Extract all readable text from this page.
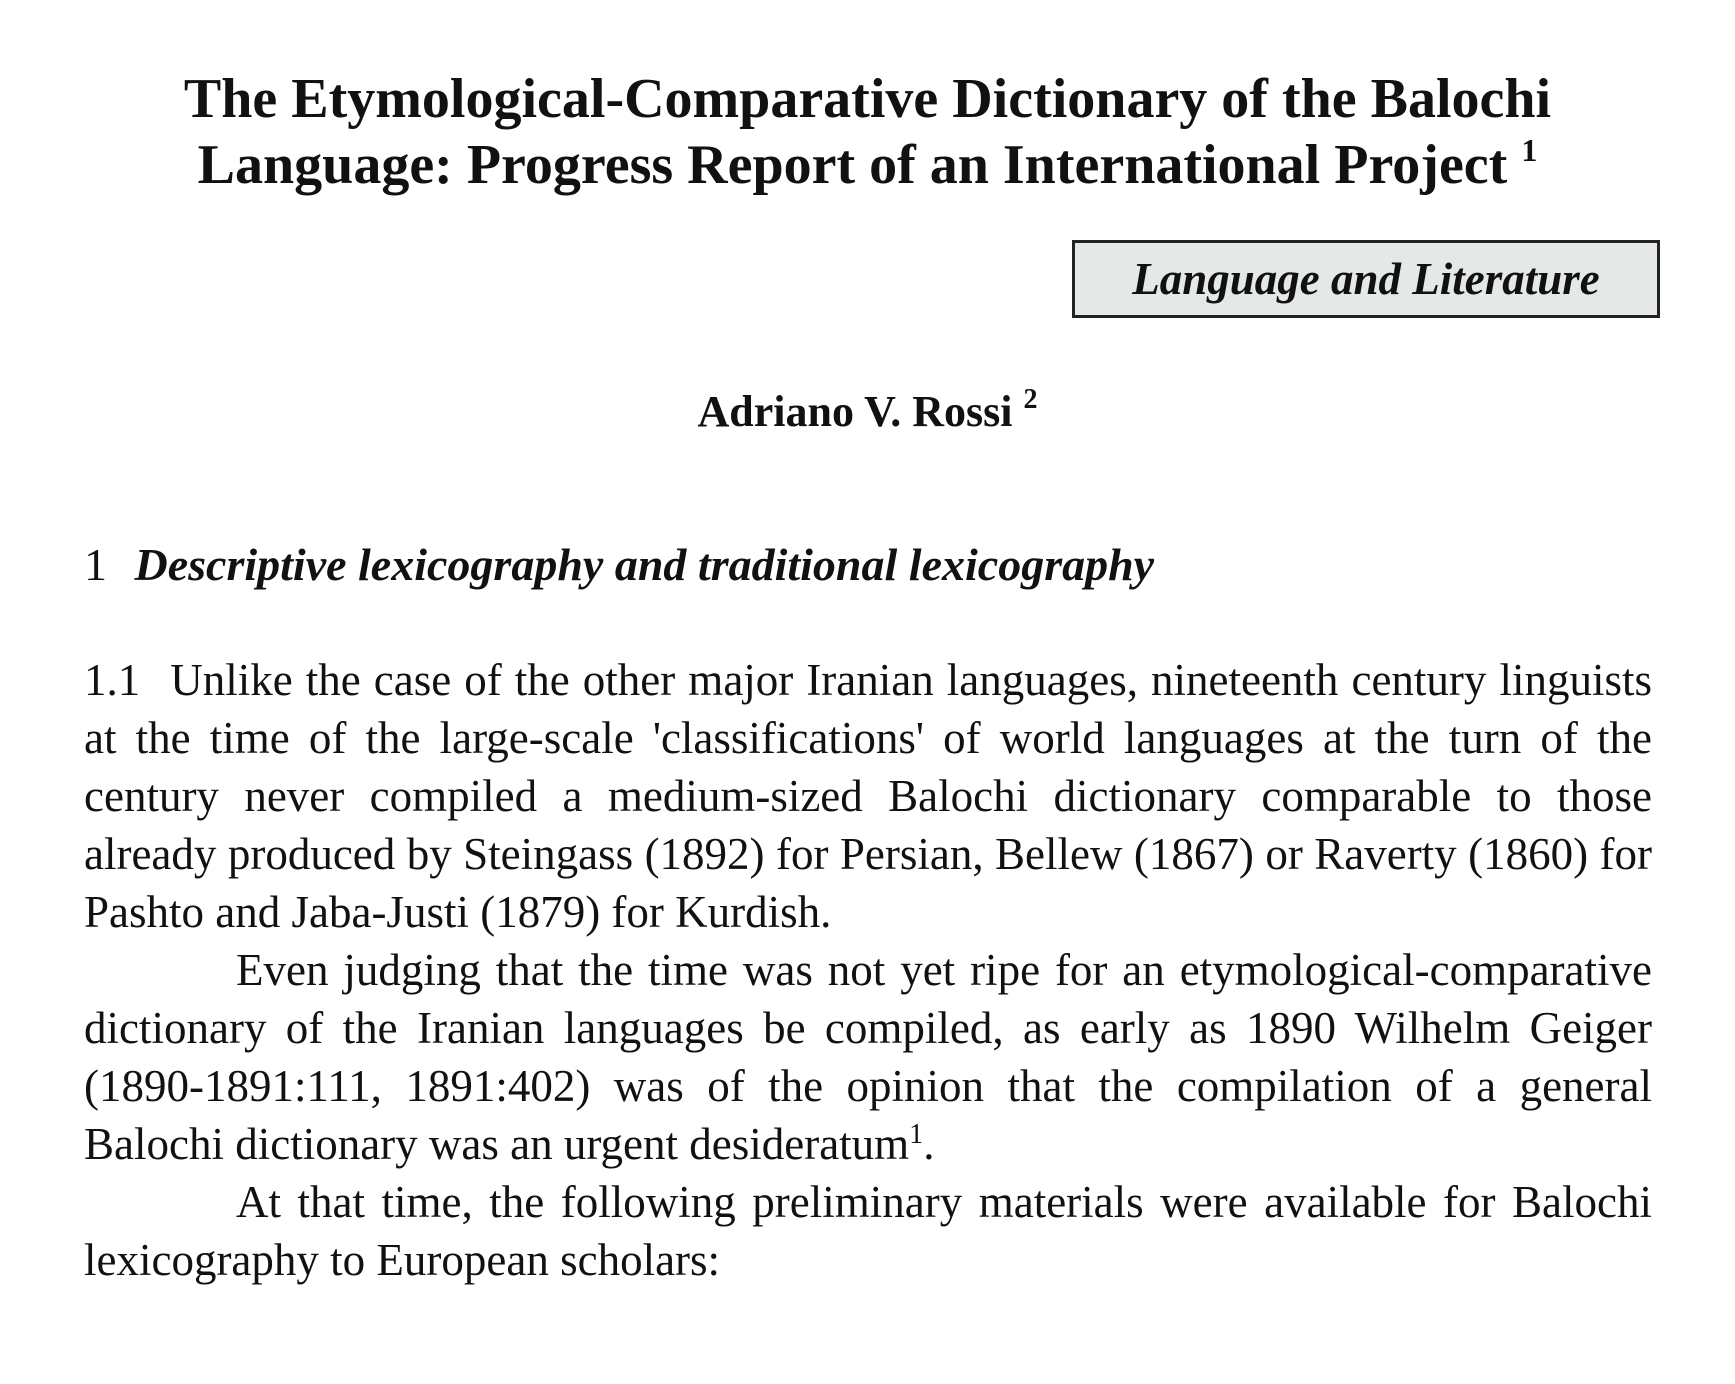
The Etymological-Comparative Dictionary of the Balochi
Language: Progress Report of an International Project $^1$
Language and Literature

Adriano V. Rossi $^2$

1 Descriptive lexicography and traditional lexicography

1.1 Unlike the case of the other major Iranian languages, nineteenth century linguists at the time of the large-scale 'classifications' of world languages at the turn of the century never compiled a medium-sized Balochi dictionary comparable to those already produced by Steingass (1892) for Persian, Bellew (1867) or Raverty (1860) for Pashto and Jaba-Justi (1879) for Kurdish.

Even judging that the time was not yet ripe for an etymological-comparative dictionary of the Iranian languages be compiled, as early as 1890 Wilhelm Geiger (1890-1891:111, 1891:402) was of the opinion that the compilation of a general Balochi dictionary was an urgent desideratum$^1$.

At that time, the following preliminary materials were available for Balochi lexicography to European scholars:
